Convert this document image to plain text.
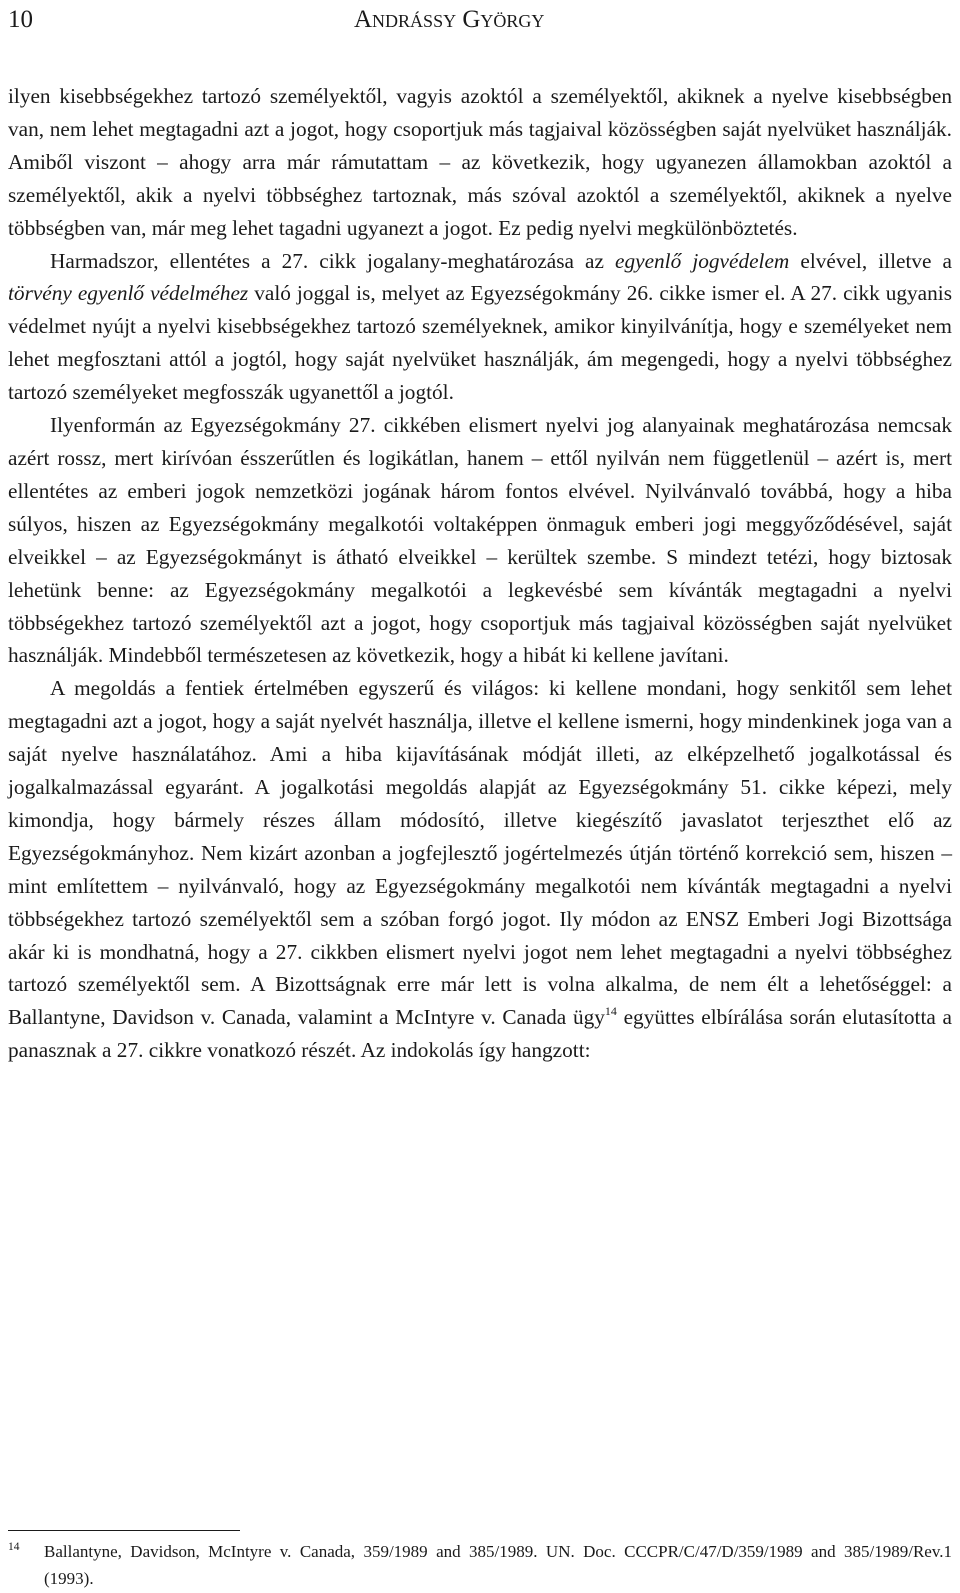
10	Andrássy György

ilyen kisebbségekhez tartozó személyektől, vagyis azoktól a személyektől, akiknek a nyelve kisebbségben van, nem lehet megtagadni azt a jogot, hogy csoportjuk más tagjaival közösségben saját nyelvüket használják. Amiből viszont – ahogy arra már rámutattam – az következik, hogy ugyanezen államokban azoktól a személyektől, akik a nyelvi többséghez tartoznak, más szóval azoktól a személyektől, akiknek a nyelve többségben van, már meg lehet tagadni ugyanezt a jogot. Ez pedig nyelvi megkülönböztetés.

Harmadszor, ellentétes a 27. cikk jogalany-meghatározása az egyenlő jogvédelem elvével, illetve a törvény egyenlő védelméhez való joggal is, melyet az Egyezségokmány 26. cikke ismer el. A 27. cikk ugyanis védelmet nyújt a nyelvi kisebbségekhez tartozó személyeknek, amikor kinyilvánítja, hogy e személyeket nem lehet megfosztani attól a jogtól, hogy saját nyelvüket használják, ám megengedi, hogy a nyelvi többséghez tartozó személyeket megfosszák ugyanettől a jogtól.

Ilyenformán az Egyezségokmány 27. cikkében elismert nyelvi jog alanyainak meghatározása nemcsak azért rossz, mert kirívóan ésszerűtlen és logikátlan, hanem – ettől nyilván nem függetlenül – azért is, mert ellentétes az emberi jogok nemzetközi jogának három fontos elvével. Nyilvánvaló továbbá, hogy a hiba súlyos, hiszen az Egyezségokmány megalkotói voltaképpen önmaguk emberi jogi meggyőződésével, saját elveikkel – az Egyezségokmányt is átható elveikkel – kerültek szembe. S mindezt tetézi, hogy biztosak lehetünk benne: az Egyezségokmány megalkotói a legkevésbé sem kívánták megtagadni a nyelvi többségekhez tartozó személyektől azt a jogot, hogy csoportjuk más tagjaival közösségben saját nyelvüket használják. Mindebből természetesen az következik, hogy a hibát ki kellene javítani.

A megoldás a fentiek értelmében egyszerű és világos: ki kellene mondani, hogy senkitől sem lehet megtagadni azt a jogot, hogy a saját nyelvét használja, illetve el kellene ismerni, hogy mindenkinek joga van a saját nyelve használatához. Ami a hiba kijavításának módját illeti, az elképzelhető jogalkotással és jogalkalmazással egyaránt. A jogalkotási megoldás alapját az Egyezségokmány 51. cikke képezi, mely kimondja, hogy bármely részes állam módosító, illetve kiegészítő javaslatot terjeszthet elő az Egyezségokmányhoz. Nem kizárt azonban a jogfejlesztő jogértelmezés útján történő korrekció sem, hiszen – mint említettem – nyilvánvaló, hogy az Egyezségokmány megalkotói nem kívánták megtagadni a nyelvi többségekhez tartozó személyektől sem a szóban forgó jogot. Ily módon az ENSZ Emberi Jogi Bizottsága akár ki is mondhatná, hogy a 27. cikkben elismert nyelvi jogot nem lehet megtagadni a nyelvi többséghez tartozó személyektől sem. A Bizottságnak erre már lett is volna alkalma, de nem élt a lehetőséggel: a Ballantyne, Davidson v. Canada, valamint a McIntyre v. Canada ügy$^{14}$ együttes elbírálása során elutasította a panasznak a 27. cikkre vonatkozó részét. Az indokolás így hangzott:

14 Ballantyne, Davidson, McIntyre v. Canada, 359/1989 and 385/1989. UN. Doc. CCCPR/C/47/D/359/1989 and 385/1989/Rev.1 (1993).
